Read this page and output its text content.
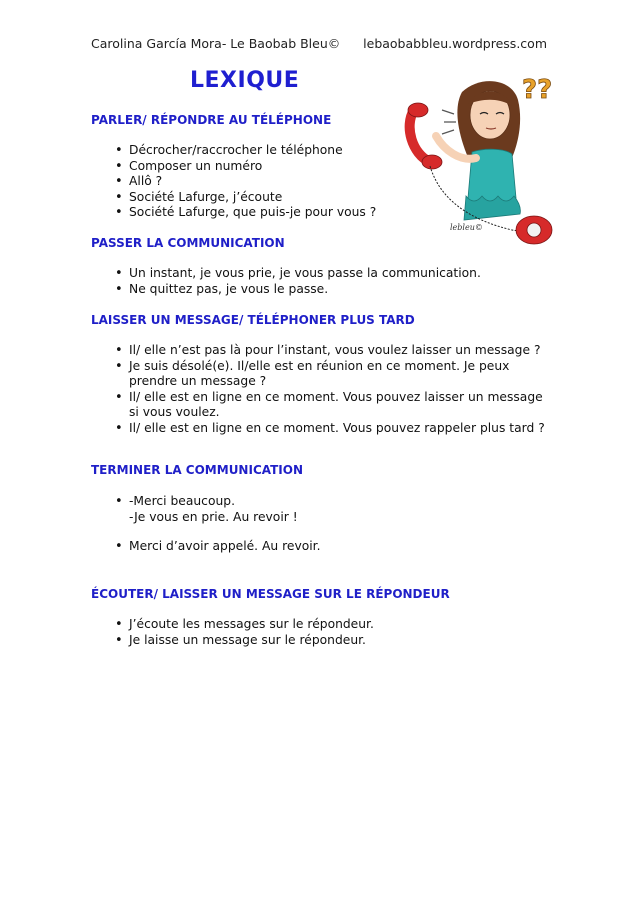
Carolina García Mora- Le Baobab Bleu© lebaobabbleu.wordpress.com
LEXIQUE	??
lebleu©
PARLER/ RÉPONDRE AU TÉLÉPHONE
• Décrocher/raccrocher le téléphone
• Composer un numéro
• Allô ?
• Société Lafurge, j’écoute
• Société Lafurge, que puis-je pour vous ?
PASSER LA COMMUNICATION
• Un instant, je vous prie, je vous passe la communication.
• Ne quittez pas, je vous le passe.
LAISSER UN MESSAGE/ TÉLÉPHONER PLUS TARD
• Il/ elle n’est pas là pour l’instant, vous voulez laisser un message ?
• Je suis désolé(e). Il/elle est en réunion en ce moment. Je peux prendre un message ?
• Il/ elle est en ligne en ce moment. Vous pouvez laisser un message si vous voulez.
• Il/ elle est en ligne en ce moment. Vous pouvez rappeler plus tard ?
TERMINER LA COMMUNICATION
• -Merci beaucoup.
-Je vous en prie. Au revoir !
• Merci d’avoir appelé. Au revoir.
ÉCOUTER/ LAISSER UN MESSAGE SUR LE RÉPONDEUR
• J’écoute les messages sur le répondeur.
• Je laisse un message sur le répondeur.
